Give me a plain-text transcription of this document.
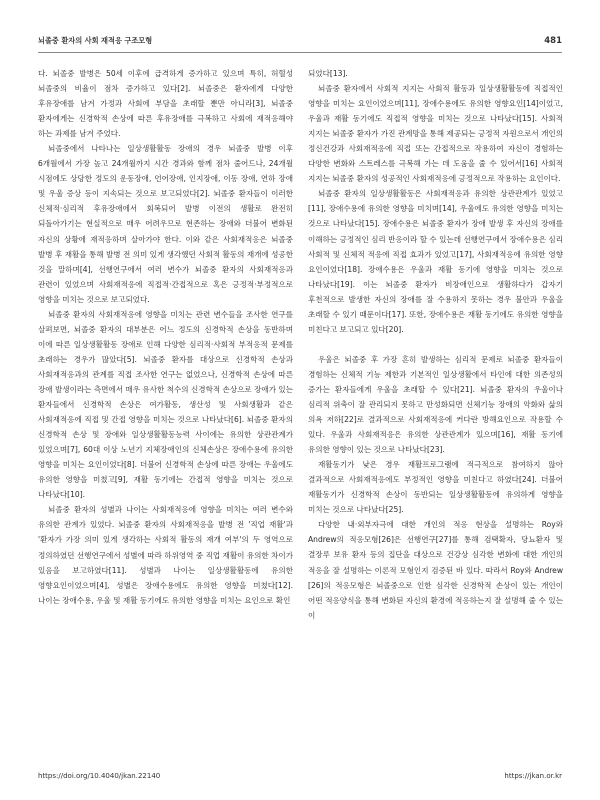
뇌졸중 환자의 사회 재적응 구조모형	481

다. 뇌졸중 발병은 50세 이후에 급격하게 증가하고 있으며 특히, 허혈성 뇌졸중의 비율이 점차 증가하고 있다[2]. 뇌졸중은 환자에게 다양한 후유장애를 남겨 가정과 사회에 부담을 초래할 뿐만 아니라[3], 뇌졸중 환자에게는 신경학적 손상에 따른 후유장애를 극복하고 사회에 재적응해야 하는 과제를 남겨 주었다.

뇌졸중에서 나타나는 일상생활활동 장애의 경우 뇌졸중 발병 이후 6개월에서 가장 높고 24개월까지 시간 경과와 함께 점차 줄어드나, 24개월 시점에도 상당한 정도의 운동장애, 언어장애, 인지장애, 이동 장애, 연하 장애 및 우울 증상 등이 지속되는 것으로 보고되었다[2]. 뇌졸중 환자들이 이러한 신체적·심리적 후유장애에서 회복되어 발병 이전의 생활로 완전히 되돌아가기는 현실적으로 매우 어려우므로 현존하는 장애와 더불어 변화된 자신의 상황에 재적응하며 살아가야 한다. 이와 같은 사회재적응은 뇌졸중 발병 후 재활을 통해 발병 전 의미 있게 생각했던 사회적 활동의 재개에 성공한 것을 말하며[4], 선행연구에서 여러 변수가 뇌졸중 환자의 사회재적응과 관련이 있었으며 사회재적응에 직접적·간접적으로 혹은 긍정적·부정적으로 영향을 미치는 것으로 보고되었다.

뇌졸중 환자의 사회재적응에 영향을 미치는 관련 변수들을 조사한 연구를 살펴보면, 뇌졸중 환자의 대부분은 어느 정도의 신경학적 손상을 동반하며 이에 따른 일상생활활동 장애로 인해 다양한 심리적·사회적 부적응적 문제를 초래하는 경우가 많았다[5]. 뇌졸중 환자를 대상으로 신경학적 손상과 사회재적응과의 관계를 직접 조사한 연구는 없었으나, 신경학적 손상에 따른 장애 발생이라는 측면에서 매우 유사한 척수의 신경학적 손상으로 장애가 있는 환자들에서 신경학적 손상은 여가활동, 생산성 및 사회생활과 같은 사회재적응에 직접 및 간접 영향을 미치는 것으로 나타났다[6]. 뇌졸중 환자의 신경학적 손상 및 장애와 일상생활활동능력 사이에는 유의한 상관관계가 있었으며[7], 60대 이상 노년기 지체장애인의 신체손상은 장애수용에 유의한 영향을 미치는 요인이었다[8]. 더불어 신경학적 손상에 따른 장애는 우울에도 유의한 영향을 미쳤고[9], 재활 동기에는 간접적 영향을 미치는 것으로 나타났다[10].

뇌졸중 환자의 성별과 나이는 사회재적응에 영향을 미치는 여러 변수와 유의한 관계가 있었다. 뇌졸중 환자의 사회재적응을 발병 전 '직업 재활'과 '환자가 가장 의미 있게 생각하는 사회적 활동의 재개 여부'의 두 영역으로 정의하였던 선행연구에서 성별에 따라 하위영역 중 직업 재활이 유의한 차이가 있음을 보고하였다[11]. 성별과 나이는 일상생활활동에 유의한 영향요인이었으며[4], 성별은 장애수용에도 유의한 영향을 미쳤다[12]. 나이는 장애수용, 우울 및 재활 동기에도 유의한 영향을 미치는 요인으로 확인

되었다[13].

뇌졸중 환자에서 사회적 지지는 사회적 활동과 일상생활활동에 직접적인 영향을 미치는 요인이었으며[11], 장애수용에도 유의한 영향요인[14]이었고, 우울과 재활 동기에도 직접적 영향을 미치는 것으로 나타났다[15]. 사회적 지지는 뇌졸중 환자가 가진 관계망을 통해 제공되는 긍정적 자원으로서 개인의 정신건강과 사회재적응에 직접 또는 간접적으로 작용하여 자신이 경험하는 다양한 변화와 스트레스를 극복해 가는 데 도움을 줄 수 있어서[16] 사회적 지지는 뇌졸중 환자의 성공적인 사회재적응에 긍정적으로 작용하는 요인이다.

뇌졸중 환자의 일상생활활동은 사회재적응과 유의한 상관관계가 있었고[11], 장애수용에 유의한 영향을 미치며[14], 우울에도 유의한 영향을 미치는 것으로 나타났다[15]. 장애수용은 뇌졸중 환자가 장애 발생 후 자신의 장애를 이해하는 긍정적인 심리 반응이라 할 수 있는데 선행연구에서 장애수용은 심리 사회적 및 신체적 적응에 직접 효과가 있었고[17], 사회재적응에 유의한 영향 요인이었다[18]. 장애수용은 우울과 재활 동기에 영향을 미치는 것으로 나타났다[19]. 이는 뇌졸중 환자가 비장애인으로 생활하다가 갑자기 후천적으로 발생한 자신의 장애를 잘 수용하지 못하는 경우 불안과 우울을 초래할 수 있기 때문이다[17]. 또한, 장애수용은 재활 동기에도 유의한 영향을 미친다고 보고되고 있다[20].

우울은 뇌졸중 후 가장 흔히 발생하는 심리적 문제로 뇌졸중 환자들이 경험하는 신체적 기능 제한과 기본적인 일상생활에서 타인에 대한 의존성의 증가는 환자들에게 우울을 초래할 수 있다[21]. 뇌졸중 환자의 우울이나 심리적 위축이 잘 관리되지 못하고 만성화되면 신체기능 장애의 악화와 삶의 의욕 저하[22]로 결과적으로 사회재적응에 커다란 방해요인으로 작용할 수 있다. 우울과 사회재적응은 유의한 상관관계가 있으며[16], 재활 동기에 유의한 영향이 있는 것으로 나타났다[23].

재활동기가 낮은 경우 재활프로그램에 적극적으로 참여하지 않아 결과적으로 사회재적응에도 부정적인 영향을 미친다고 하였다[24]. 더불어 재활동기가 신경학적 손상이 동반되는 일상생활활동에 유의하게 영향을 미치는 것으로 나타났다[25].

다양한 내·외부자극에 대한 개인의 적응 현상을 설명하는 Roy와 Andrew의 적응모형[26]은 선행연구[27]를 통해 검택확자, 당뇨환자 및 결장루 보유 환자 등의 집단을 대상으로 건강상 심각한 변화에 대한 개인의 적응을 잘 설명하는 이론적 모형인지 검증된 바 있다. 따라서 Roy와 Andrew [26]의 적응모형은 뇌졸중으로 인한 심각한 신경학적 손상이 있는 개인이 어떤 적응양식을 통해 변화된 자신의 환경에 적응하는지 잘 설명해 줄 수 있는 이

https://doi.org/10.4040/jkan.22140	https://jkan.or.kr
